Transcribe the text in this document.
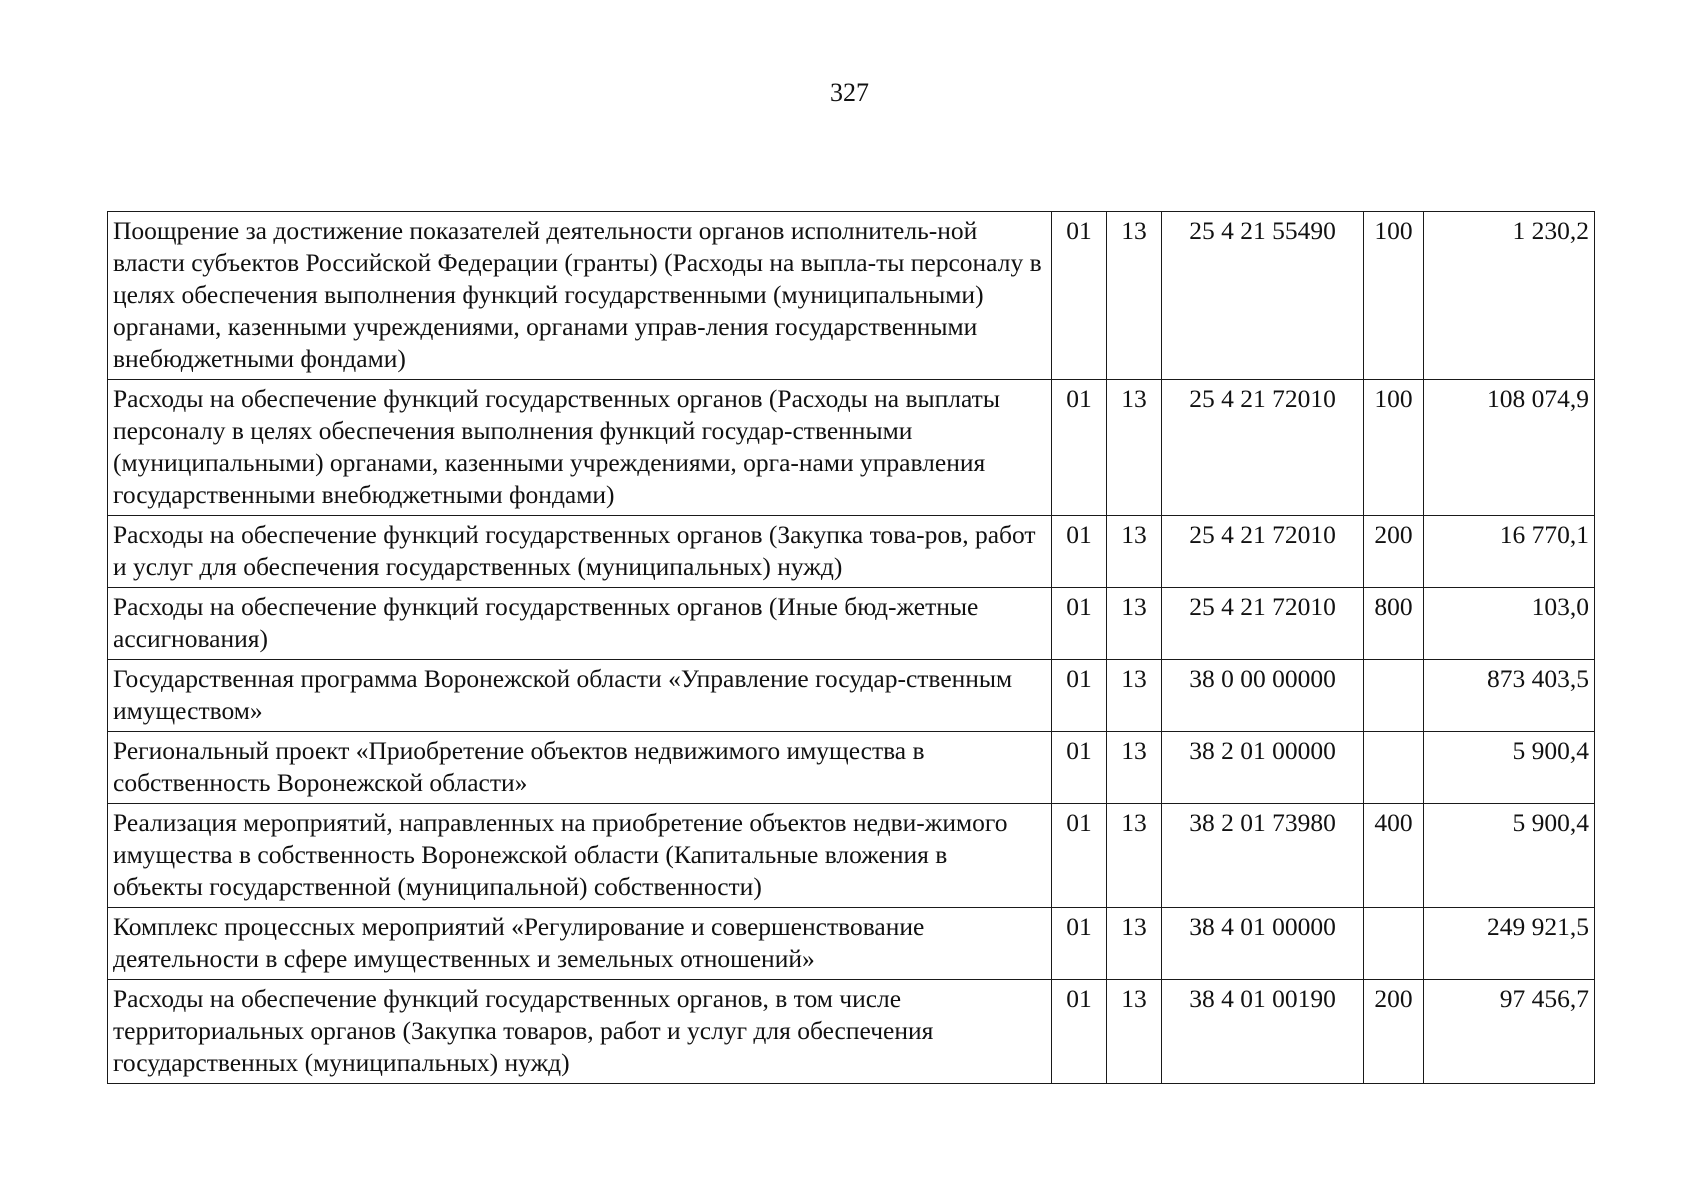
327
Поощрение за достижение показателей деятельности органов исполнитель-ной власти субъектов Российской Федерации (гранты) (Расходы на выпла-ты персоналу в целях обеспечения выполнения функций государственными (муниципальными) органами, казенными учреждениями, органами управ-ления государственными внебюджетными фондами)	01	13	25 4 21 55490	100	1 230,2
Расходы на обеспечение функций государственных органов (Расходы на выплаты персоналу в целях обеспечения выполнения функций государ-ственными (муниципальными) органами, казенными учреждениями, орга-нами управления государственными внебюджетными фондами)	01	13	25 4 21 72010	100	108 074,9
Расходы на обеспечение функций государственных органов (Закупка това-ров, работ и услуг для обеспечения государственных (муниципальных) нужд)	01	13	25 4 21 72010	200	16 770,1
Расходы на обеспечение функций государственных органов (Иные бюд-жетные ассигнования)	01	13	25 4 21 72010	800	103,0
Государственная программа Воронежской области «Управление государ-ственным имуществом»	01	13	38 0 00 00000		873 403,5
Региональный проект «Приобретение объектов недвижимого имущества в собственность Воронежской области»	01	13	38 2 01 00000		5 900,4
Реализация мероприятий, направленных на приобретение объектов недви-жимого имущества в собственность Воронежской области (Капитальные вложения в объекты государственной (муниципальной) собственности)	01	13	38 2 01 73980	400	5 900,4
Комплекс процессных мероприятий «Регулирование и совершенствование деятельности в сфере имущественных и земельных отношений»	01	13	38 4 01 00000		249 921,5
Расходы на обеспечение функций государственных органов, в том числе территориальных органов (Закупка товаров, работ и услуг для обеспечения государственных (муниципальных) нужд)	01	13	38 4 01 00190	200	97 456,7
